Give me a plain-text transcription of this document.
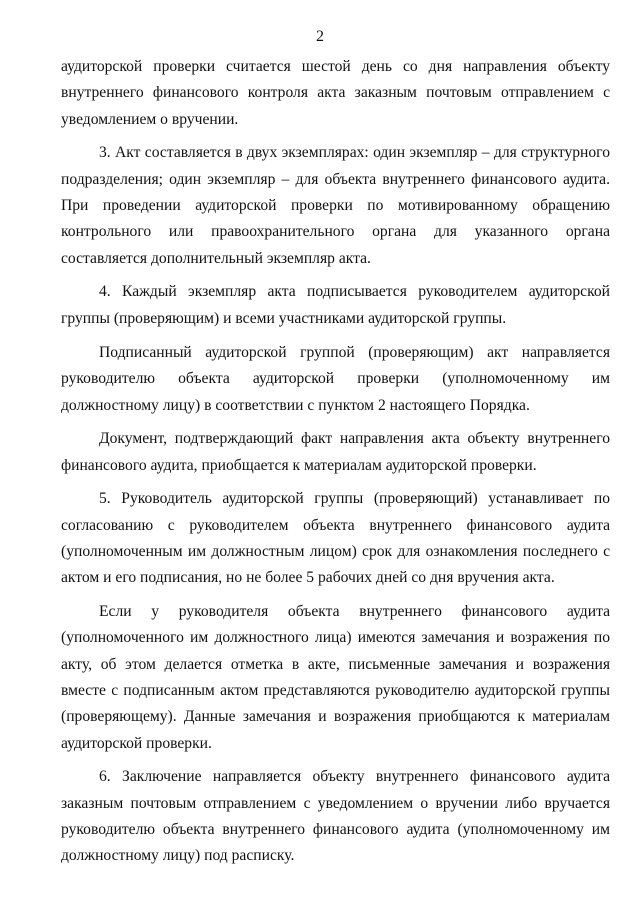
2

аудиторской проверки считается шестой день со дня направления объекту внутреннего финансового контроля акта заказным почтовым отправлением с уведомлением о вручении.

3. Акт составляется в двух экземплярах: один экземпляр – для структурного подразделения; один экземпляр – для объекта внутреннего финансового аудита. При проведении аудиторской проверки по мотивированному обращению контрольного или правоохранительного органа для указанного органа составляется дополнительный экземпляр акта.

4. Каждый экземпляр акта подписывается руководителем аудиторской группы (проверяющим) и всеми участниками аудиторской группы.

Подписанный аудиторской группой (проверяющим) акт направляется руководителю объекта аудиторской проверки (уполномоченному им должностному лицу) в соответствии с пунктом 2 настоящего Порядка.

Документ, подтверждающий факт направления акта объекту внутреннего финансового аудита, приобщается к материалам аудиторской проверки.

5. Руководитель аудиторской группы (проверяющий) устанавливает по согласованию с руководителем объекта внутреннего финансового аудита (уполномоченным им должностным лицом) срок для ознакомления последнего с актом и его подписания, но не более 5 рабочих дней со дня вручения акта.

Если у руководителя объекта внутреннего финансового аудита (уполномоченного им должностного лица) имеются замечания и возражения по акту, об этом делается отметка в акте, письменные замечания и возражения вместе с подписанным актом представляются руководителю аудиторской группы (проверяющему). Данные замечания и возражения приобщаются к материалам аудиторской проверки.

6. Заключение направляется объекту внутреннего финансового аудита заказным почтовым отправлением с уведомлением о вручении либо вручается руководителю объекта внутреннего финансового аудита (уполномоченному им должностному лицу) под расписку.
